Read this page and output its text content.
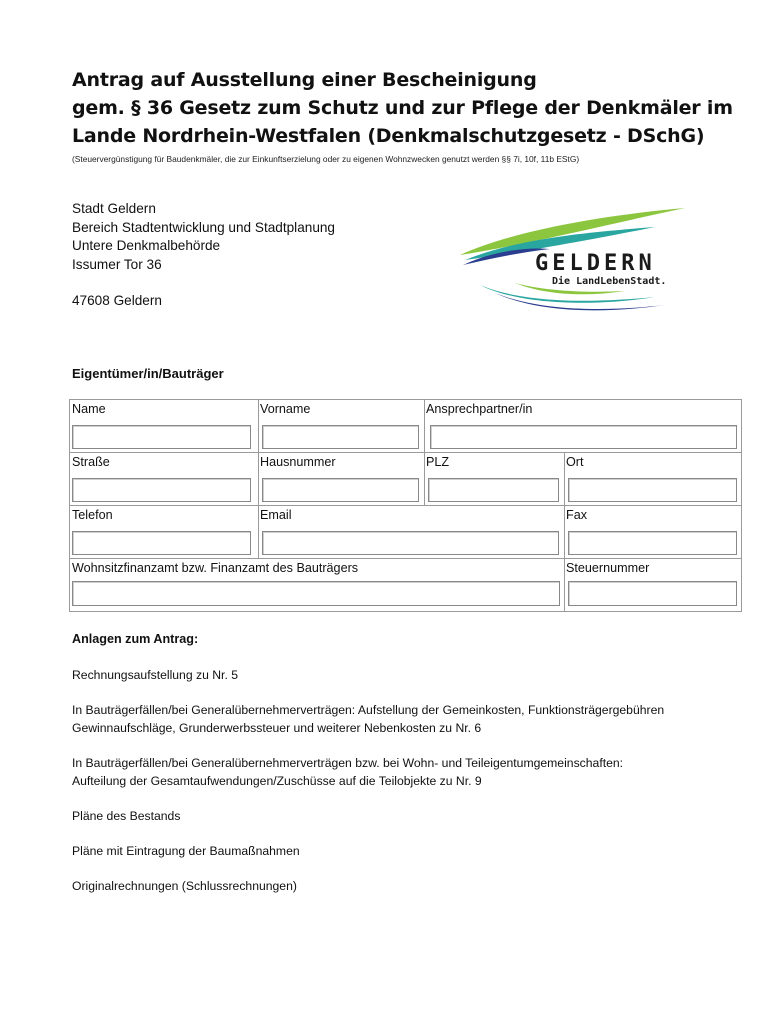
Antrag auf Ausstellung einer Bescheinigung
gem. § 36 Gesetz zum Schutz und zur Pflege der Denkmäler im
Lande Nordrhein-Westfalen (Denkmalschutzgesetz - DSchG)
(Steuervergünstigung für Baudenkmäler, die zur Einkunftserzielung oder zu eigenen Wohnzwecken genutzt werden §§ 7i, 10f, 11b EStG)
Stadt Geldern
Bereich Stadtentwicklung und Stadtplanung
Untere Denkmalbehörde
Issumer Tor 36
47608 Geldern
GELDERN
Die LandLebenStadt.
Eigentümer/in/Bauträger
Name	Vorname	Ansprechpartner/in
Straße	Hausnummer	PLZ	Ort
Telefon	Email	Fax
Wohnsitzfinanzamt bzw. Finanzamt des Bauträgers	Steuernummer
Anlagen zum Antrag:
Rechnungsaufstellung zu Nr. 5
In Bauträgerfällen/bei Generalübernehmerverträgen: Aufstellung der Gemeinkosten, Funktionsträgergebühren
Gewinnaufschläge, Grunderwerbssteuer und weiterer Nebenkosten zu Nr. 6
In Bauträgerfällen/bei Generalübernehmerverträgen bzw. bei Wohn- und Teileigentumgemeinschaften:
Aufteilung der Gesamtaufwendungen/Zuschüsse auf die Teilobjekte zu Nr. 9
Pläne des Bestands
Pläne mit Eintragung der Baumaßnahmen
Originalrechnungen (Schlussrechnungen)
